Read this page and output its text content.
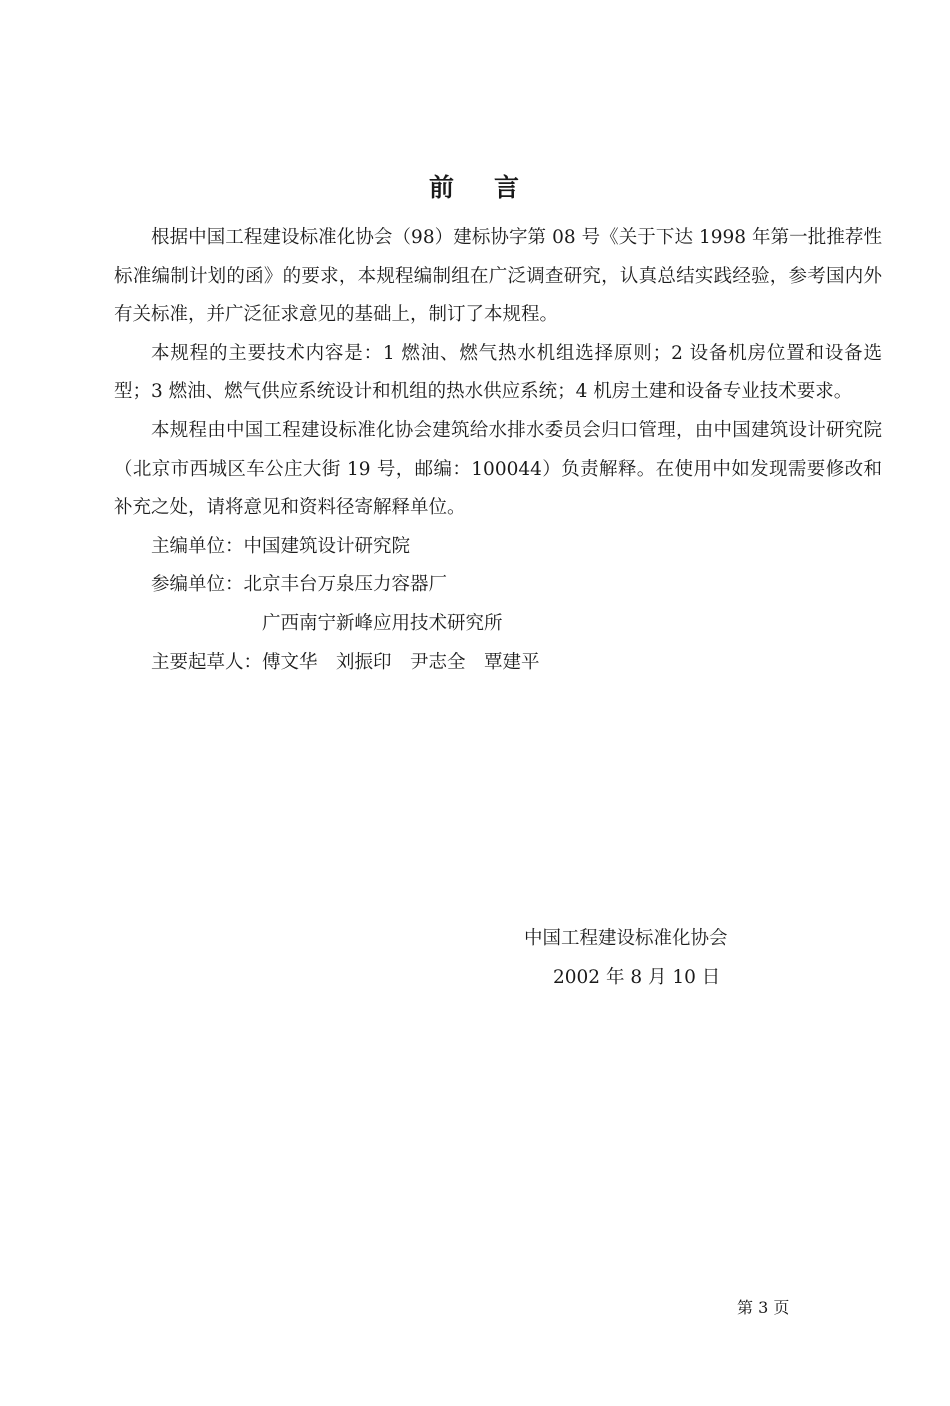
前 言

根据中国工程建设标准化协会（98）建标协字第 08 号《关于下达 1998 年第一批推荐性标准编制计划的函》的要求，本规程编制组在广泛调查研究，认真总结实践经验，参考国内外有关标准，并广泛征求意见的基础上，制订了本规程。

本规程的主要技术内容是：1 燃油、燃气热水机组选择原则；2 设备机房位置和设备选型；3 燃油、燃气供应系统设计和机组的热水供应系统；4 机房土建和设备专业技术要求。

本规程由中国工程建设标准化协会建筑给水排水委员会归口管理，由中国建筑设计研究院（北京市西城区车公庄大街 19 号，邮编：100044）负责解释。在使用中如发现需要修改和补充之处，请将意见和资料径寄解释单位。

主编单位：中国建筑设计研究院

参编单位：北京丰台万泉压力容器厂

广西南宁新峰应用技术研究所

主要起草人：傅文华　刘振印　尹志全　覃建平

中国工程建设标准化协会
2002 年 8 月 10 日
第 3 页
